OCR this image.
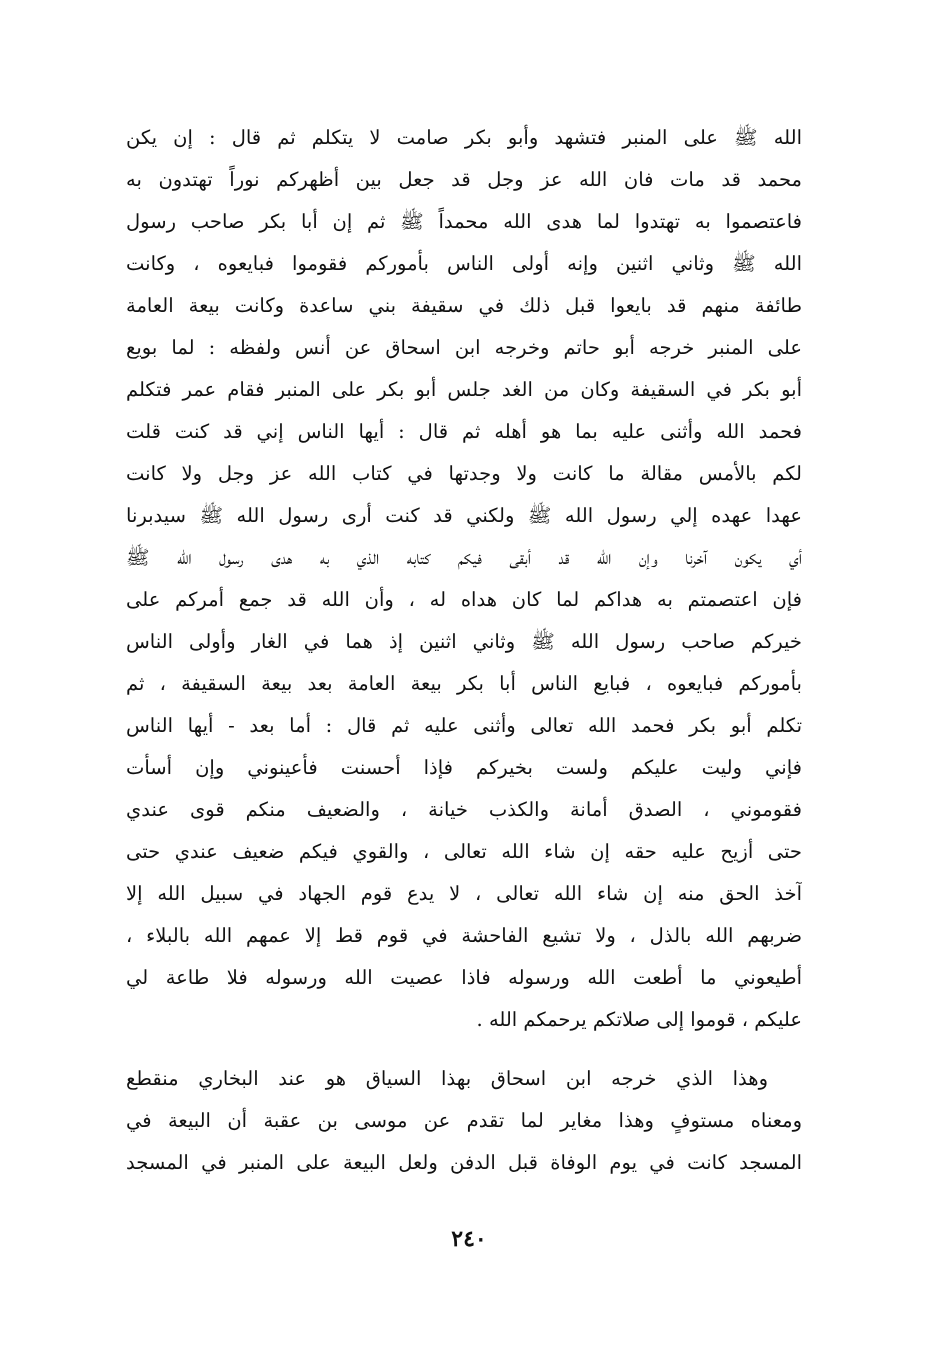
الله ﷺ على المنبر فتشهد وأبو بكر صامت لا يتكلم ثم قال : إن يكن
محمد قد مات فان الله عز وجل قد جعل بين أظهركم نوراً تهتدون به
فاعتصموا به تهتدوا لما هدى الله محمداً ﷺ ثم إن أبا بكر صاحب رسول
الله ﷺ وثاني اثنين وإنه أولى الناس بأموركم فقوموا فبايعوه ، وكانت
طائفة منهم قد بايعوا قبل ذلك في سقيفة بني ساعدة وكانت بيعة العامة
على المنبر خرجه أبو حاتم وخرجه ابن اسحاق عن أنس ولفظه : لما بويع
أبو بكر في السقيفة وكان من الغد جلس أبو بكر على المنبر فقام عمر فتكلم
فحمد الله وأثنى عليه بما هو أهله ثم قال : أيها الناس إني قد كنت قلت
لكم بالأمس مقالة ما كانت ولا وجدتها في كتاب الله عز وجل ولا كانت
عهدا عهده إلي رسول الله ﷺ ولكني قد كنت أرى رسول الله ﷺ سيدبرنا
أي يكون آخرنا وإن الله قد أبقى فيكم كتابه الذي به هدى رسول الله ﷺ
فإن اعتصمتم به هداكم لما كان هداه له ، وأن الله قد جمع أمركم على
خيركم صاحب رسول الله ﷺ وثاني اثنين إذ هما في الغار وأولى الناس
بأموركم فبايعوه ، فبايع الناس أبا بكر بيعة العامة بعد بيعة السقيفة ، ثم
تكلم أبو بكر فحمد الله تعالى وأثنى عليه ثم قال : أما بعد - أيها الناس
فإني وليت عليكم ولست بخيركم فإذا أحسنت فأعينوني وإن أسأت
فقوموني ، الصدق أمانة والكذب خيانة ، والضعيف منكم قوى عندي
حتى أزيح عليه حقه إن شاء الله تعالى ، والقوي فيكم ضعيف عندي حتى
آخذ الحق منه إن شاء الله تعالى ، لا يدع قوم الجهاد في سبيل الله إلا
ضربهم الله بالذل ، ولا تشيع الفاحشة في قوم قط إلا عمهم الله بالبلاء ،
أطيعوني ما أطعت الله ورسوله فاذا عصيت الله ورسوله فلا طاعة لي
عليكم ، قوموا إلى صلاتكم يرحمكم الله .
وهذا الذي خرجه ابن اسحاق بهذا السياق هو عند البخاري منقطع
ومعناه مستوفٍ وهذا مغاير لما تقدم عن موسى بن عقبة أن البيعة في
المسجد كانت في يوم الوفاة قبل الدفن ولعل البيعة على المنبر في المسجد
٢٤٠
